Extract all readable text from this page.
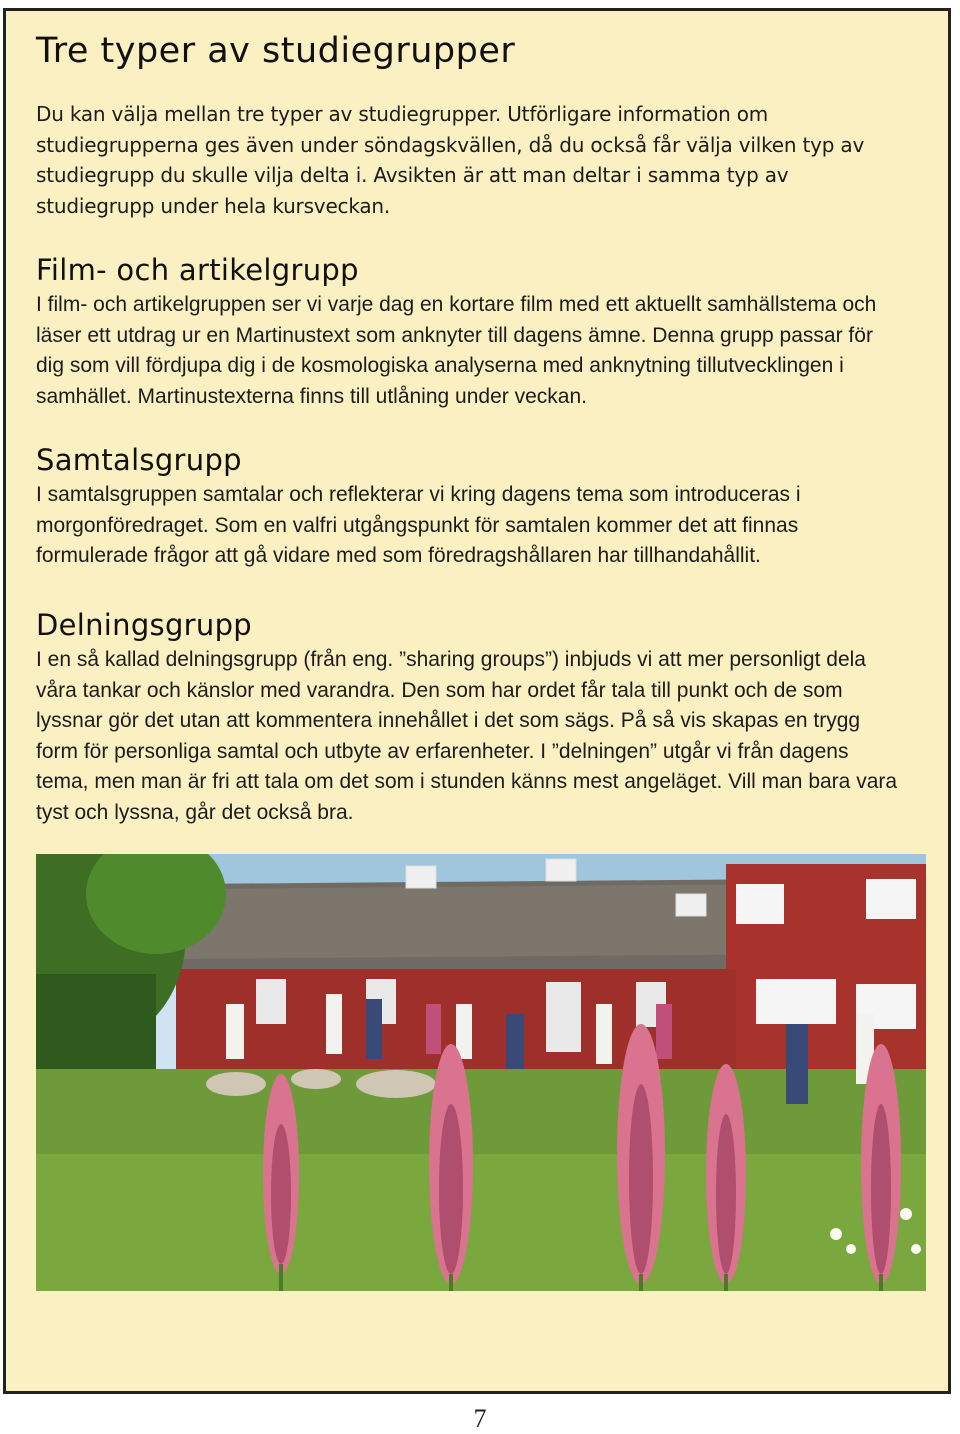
Tre typer av studiegrupper

Du kan välja mellan tre typer av studiegrupper. Utförligare information om studiegrupperna ges även under söndagskvällen, då du också får välja vilken typ av studiegrupp du skulle vilja delta i. Avsikten är att man deltar i samma typ av studiegrupp under hela kursveckan.

Film- och artikelgrupp

I film- och artikelgruppen ser vi varje dag en kortare film med ett aktuellt samhällstema och läser ett utdrag ur en Martinustext som anknyter till dagens ämne. Denna grupp passar för dig som vill fördjupa dig i de kosmologiska analyserna med anknytning tillutvecklingen i samhället. Martinustexterna finns till utlåning under veckan.

Samtalsgrupp

I samtalsgruppen samtalar och reflekterar vi kring dagens tema som introduceras i morgonföredraget. Som en valfri utgångspunkt för samtalen kommer det att finnas formulerade frågor att gå vidare med som föredragshållaren har tillhandahållit.

Delningsgrupp

I en så kallad delningsgrupp (från eng. ”sharing groups”) inbjuds vi att mer personligt dela våra tankar och känslor med varandra. Den som har ordet får tala till punkt och de som lyssnar gör det utan att kommentera innehållet i det som sägs. På så vis skapas en trygg form för personliga samtal och utbyte av erfarenheter. I ”delningen” utgår vi från dagens tema, men man är fri att tala om det som i stunden känns mest angeläget. Vill man bara vara tyst och lyssna, går det också bra.

7
